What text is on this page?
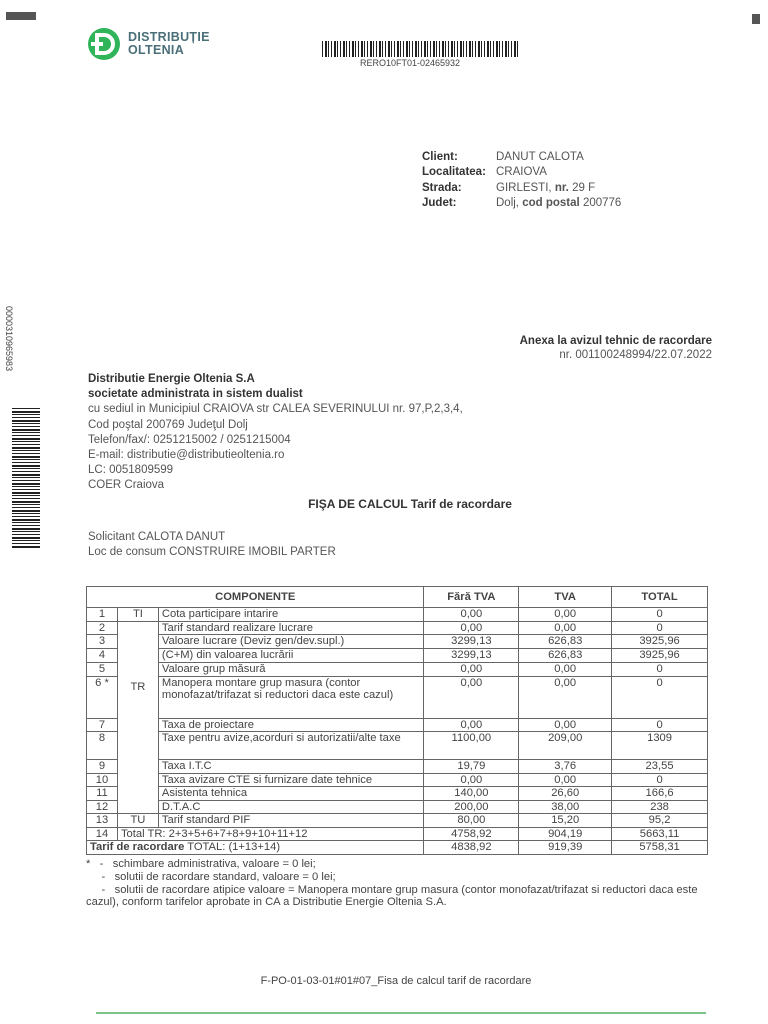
DISTRIBUȚIE
OLTENIA
RERO10FT01-02465932
Client:	DANUT CALOTA
Localitatea: CRAIOVA
Strada:	GIRLESTI, nr. 29 F
Judet:	Dolj, cod postal 200776
0000310965983	Anexa la avizul tehnic de racordare
nr. 001100248994/22.07.2022
Distributie Energie Oltenia S.A
societate administrata in sistem dualist
cu sediul in Municipiul CRAIOVA str CALEA SEVERINULUI nr. 97,P,2,3,4,
Cod poştal 200769 Judeţul Dolj
Telefon/fax/: 0251215002 / 0251215004
E-mail: distributie@distributieoltenia.ro
LC: 0051809599
COER Craiova
FIŞA DE CALCUL Tarif de racordare
Solicitant CALOTA DANUT
Loc de consum CONSTRUIRE IMOBIL PARTER
COMPONENTE			Fără TVA	TVA	TOTAL
1	TI	Cota participare intarire	0,00	0,00	0
2	TR	Tarif standard realizare lucrare	0,00	0,00	0
3		Valoare lucrare (Deviz gen/dev.supl.)	3299,13	626,83	3925,96
4		(C+M) din valoarea lucrării	3299,13	626,83	3925,96
5		Valoare grup măsură	0,00	0,00	0
6 *		Manopera montare grup masura (contor monofazat/trifazat si reductori daca este cazul)	0,00	0,00	0
7		Taxa de proiectare	0,00	0,00	0
8		Taxe pentru avize,acorduri si autorizatii/alte taxe	1100,00	209,00	1309
9		Taxa I.T.C	19,79	3,76	23,55
10		Taxa avizare CTE si furnizare date tehnice	0,00	0,00	0
11		Asistenta tehnica	140,00	26,60	166,6
12		D.T.A.C	200,00	38,00	238
13	TU	Tarif standard PIF	80,00	15,20	95,2
14	Total TR: 2+3+5+6+7+8+9+10+11+12		4758,92	904,19	5663,11
Tarif de racordare TOTAL: (1+13+14)			4838,92	919,39	5758,31
*   -   schimbare administrativa, valoare = 0 lei;
-   solutii de racordare standard, valoare = 0 lei;
-   solutii de racordare atipice valoare = Manopera montare grup masura (contor monofazat/trifazat si reductori daca este cazul), conform tarifelor aprobate in CA a Distributie Energie Oltenia S.A.
F-PO-01-03-01#01#07_Fisa de calcul tarif de racordare
